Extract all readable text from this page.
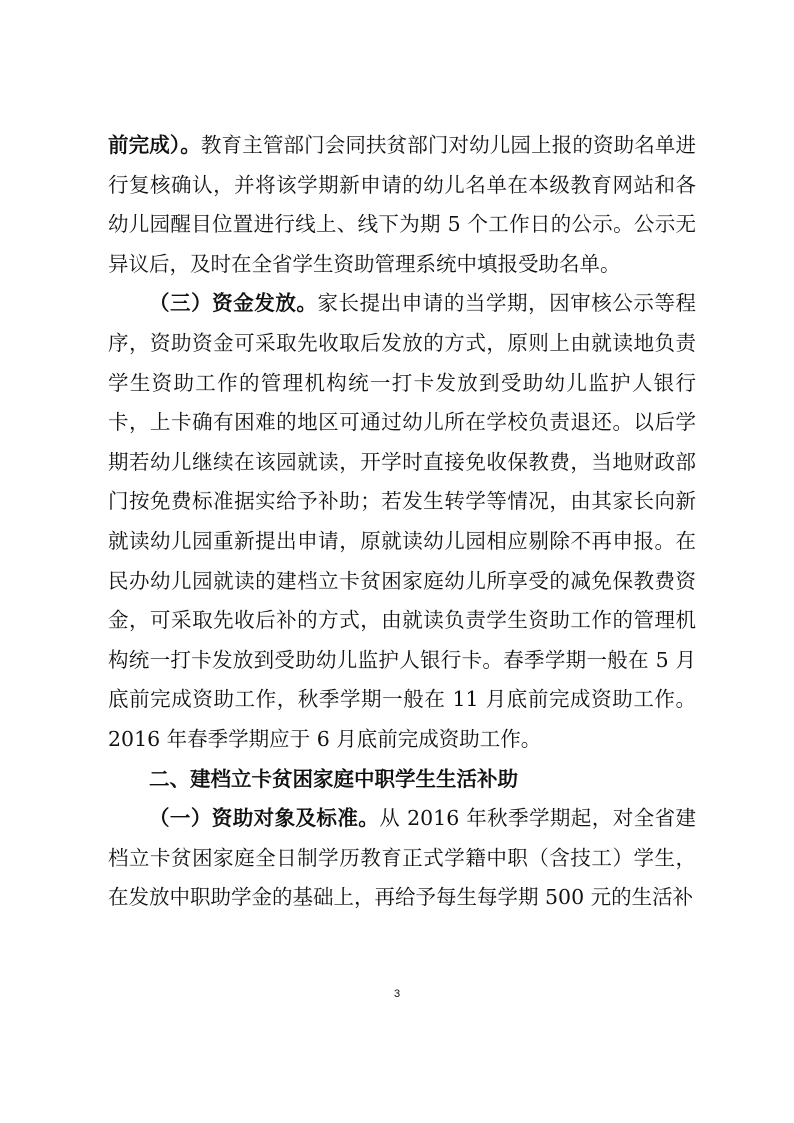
前完成）。教育主管部门会同扶贫部门对幼儿园上报的资助名单进行复核确认，并将该学期新申请的幼儿名单在本级教育网站和各幼儿园醒目位置进行线上、线下为期 5 个工作日的公示。公示无异议后，及时在全省学生资助管理系统中填报受助名单。

（三）资金发放。家长提出申请的当学期，因审核公示等程序，资助资金可采取先收取后发放的方式，原则上由就读地负责学生资助工作的管理机构统一打卡发放到受助幼儿监护人银行卡，上卡确有困难的地区可通过幼儿所在学校负责退还。以后学期若幼儿继续在该园就读，开学时直接免收保教费，当地财政部门按免费标准据实给予补助；若发生转学等情况，由其家长向新就读幼儿园重新提出申请，原就读幼儿园相应剔除不再申报。在民办幼儿园就读的建档立卡贫困家庭幼儿所享受的减免保教费资金，可采取先收后补的方式，由就读负责学生资助工作的管理机构统一打卡发放到受助幼儿监护人银行卡。春季学期一般在 5 月底前完成资助工作，秋季学期一般在 11 月底前完成资助工作。2016 年春季学期应于 6 月底前完成资助工作。

二、建档立卡贫困家庭中职学生生活补助

（一）资助对象及标准。从 2016 年秋季学期起，对全省建档立卡贫困家庭全日制学历教育正式学籍中职（含技工）学生，在发放中职助学金的基础上，再给予每生每学期 500 元的生活补

3
